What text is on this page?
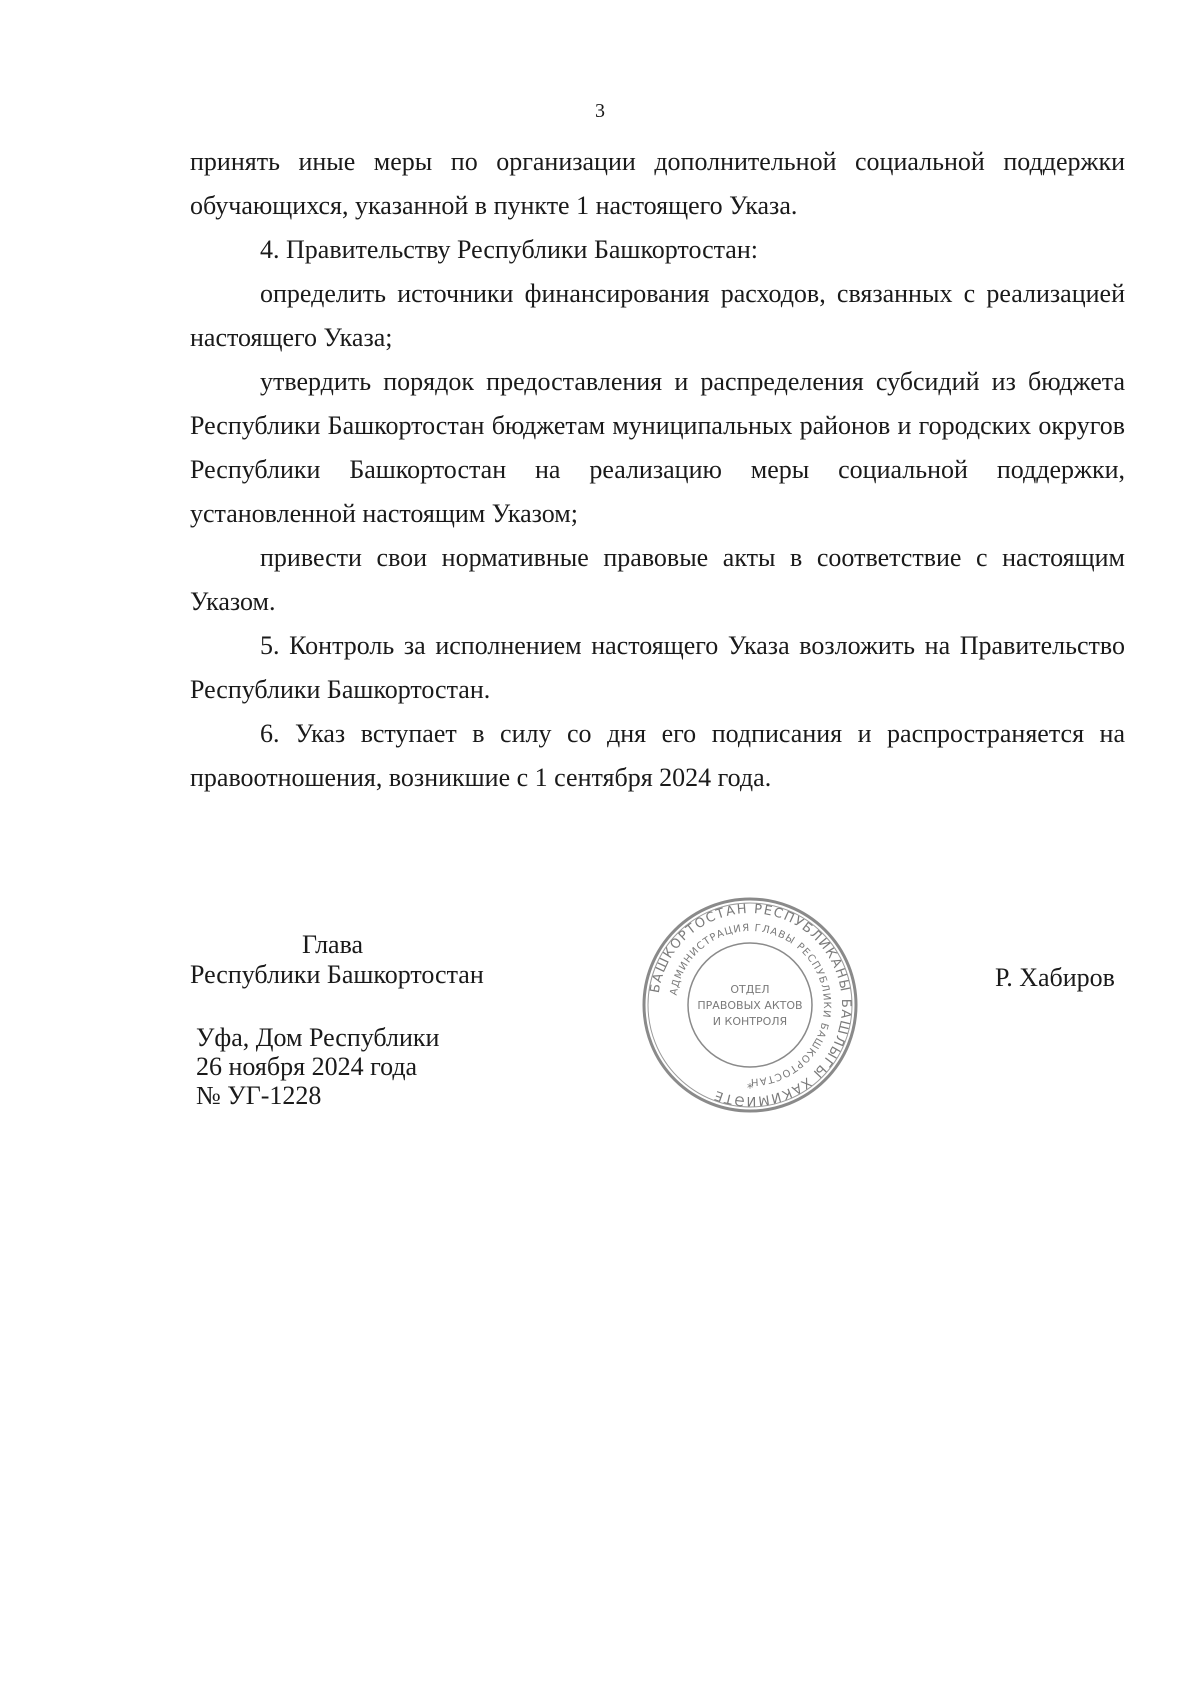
3

принять иные меры по организации дополнительной социальной поддержки обучающихся, указанной в пункте 1 настоящего Указа.

4. Правительству Республики Башкортостан:

определить источники финансирования расходов, связанных с реализацией настоящего Указа;

утвердить порядок предоставления и распределения субсидий из бюджета Республики Башкортостан бюджетам муниципальных районов и городских округов Республики Башкортостан на реализацию меры социальной поддержки, установленной настоящим Указом;

привести свои нормативные правовые акты в соответствие с настоящим Указом.

5. Контроль за исполнением настоящего Указа возложить на Правительство Республики Башкортостан.

6. Указ вступает в силу со дня его подписания и распространяется на правоотношения, возникшие с 1 сентября 2024 года.

Глава
Республики Башкортостан	Р. Хабиров
Уфа, Дом Республики
26 ноября 2024 года
№ УГ-1228
БАШКОРТОСТАН РЕСПУБЛИКАНЫ БАШЛЫГЫ ХАКИМИӘТЕ
АДМИНИСТРАЦИЯ ГЛАВЫ РЕСПУБЛИКИ БАШКОРТОСТАН
ОТДЕЛ
ПРАВОВЫХ АКТОВ
И КОНТРОЛЯ
*
